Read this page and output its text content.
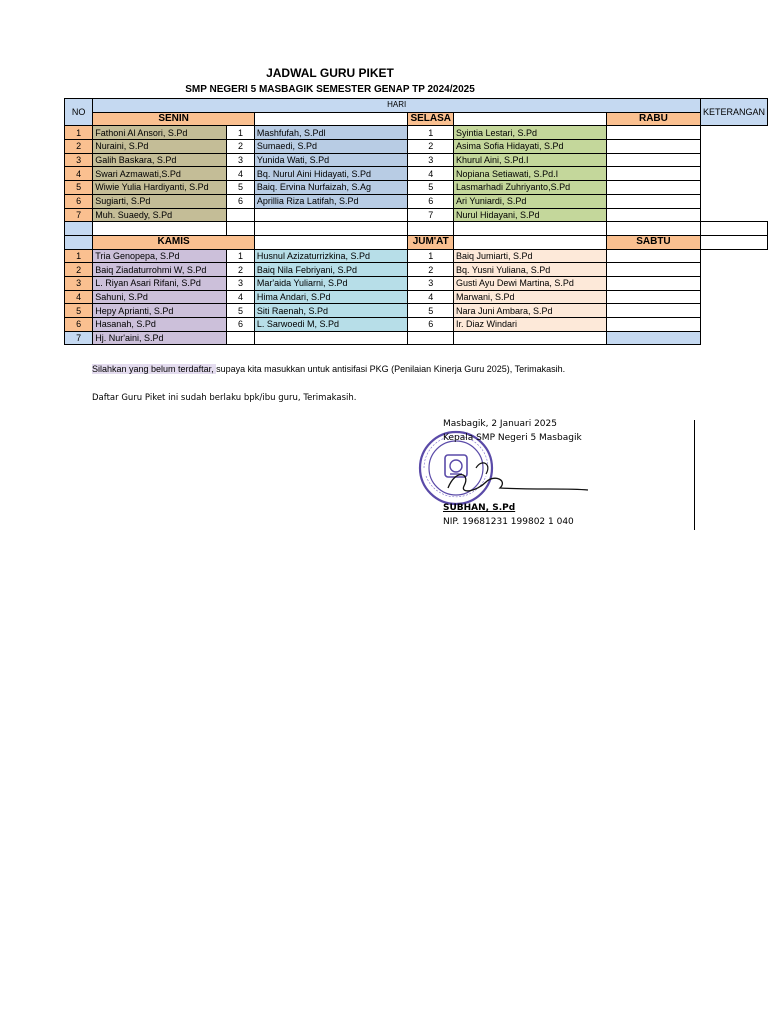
JADWAL GURU PIKET
SMP NEGERI 5 MASBAGIK SEMESTER GENAP TP 2024/2025
NO	HARI						KETERANGAN
	SENIN			SELASA		RABU	
1	Fathoni Al Ansori, S.Pd	1	Mashfufah, S.Pdl	1	Syintia Lestari, S.Pd		
2	Nuraini, S.Pd	2	Sumaedi, S.Pd	2	Asima Sofia Hidayati, S.Pd		
3	Galih Baskara, S.Pd	3	Yunida Wati, S.Pd	3	Khurul Aini, S.Pd.I		
4	Swari Azmawati,S.Pd	4	Bq. Nurul Aini Hidayati, S.Pd	4	Nopiana Setiawati, S.Pd.I		
5	Wiwie Yulia Hardiyanti, S.Pd	5	Baiq. Ervina Nurfaizah, S.Ag	5	Lasmarhadi Zuhriyanto,S.Pd		
6	Sugiarti, S.Pd	6	Aprillia Riza Latifah, S.Pd	6	Ari Yuniardi, S.Pd		
7	Muh. Suaedy, S.Pd			7	Nurul Hidayani, S.Pd		

	KAMIS			JUM'AT		SABTU	
1	Tria Genopepa, S.Pd	1	Husnul Azizaturrizkina, S.Pd	1	Baiq Jumiarti, S.Pd		
2	Baiq Ziadaturrohmi W, S.Pd	2	Baiq Nila Febriyani, S.Pd	2	Bq. Yusni Yuliana, S.Pd		
3	L. Riyan Asari Rifani, S.Pd	3	Mar'aida Yuliarni, S.Pd	3	Gusti Ayu Dewi Martina, S.Pd		
4	Sahuni, S.Pd	4	Hima Andari, S.Pd	4	Marwani, S.Pd		
5	Hepy Aprianti, S.Pd	5	Siti Raenah, S.Pd	5	Nara Juni Ambara, S.Pd		
6	Hasanah, S.Pd	6	L. Sarwoedi M, S.Pd	6	Ir. Diaz Windari		
7	Hj. Nur'aini, S.Pd						
Silahkan yang belum terdaftar, supaya kita masukkan untuk antisifasi PKG (Penilaian Kinerja Guru 2025), Terimakasih.
Daftar Guru Piket ini sudah berlaku bpk/ibu guru, Terimakasih.
Masbagik, 2 Januari 2025
Kepala SMP Negeri 5 Masbagik
SUBHAN, S.Pd
NIP. 19681231 199802 1 040
